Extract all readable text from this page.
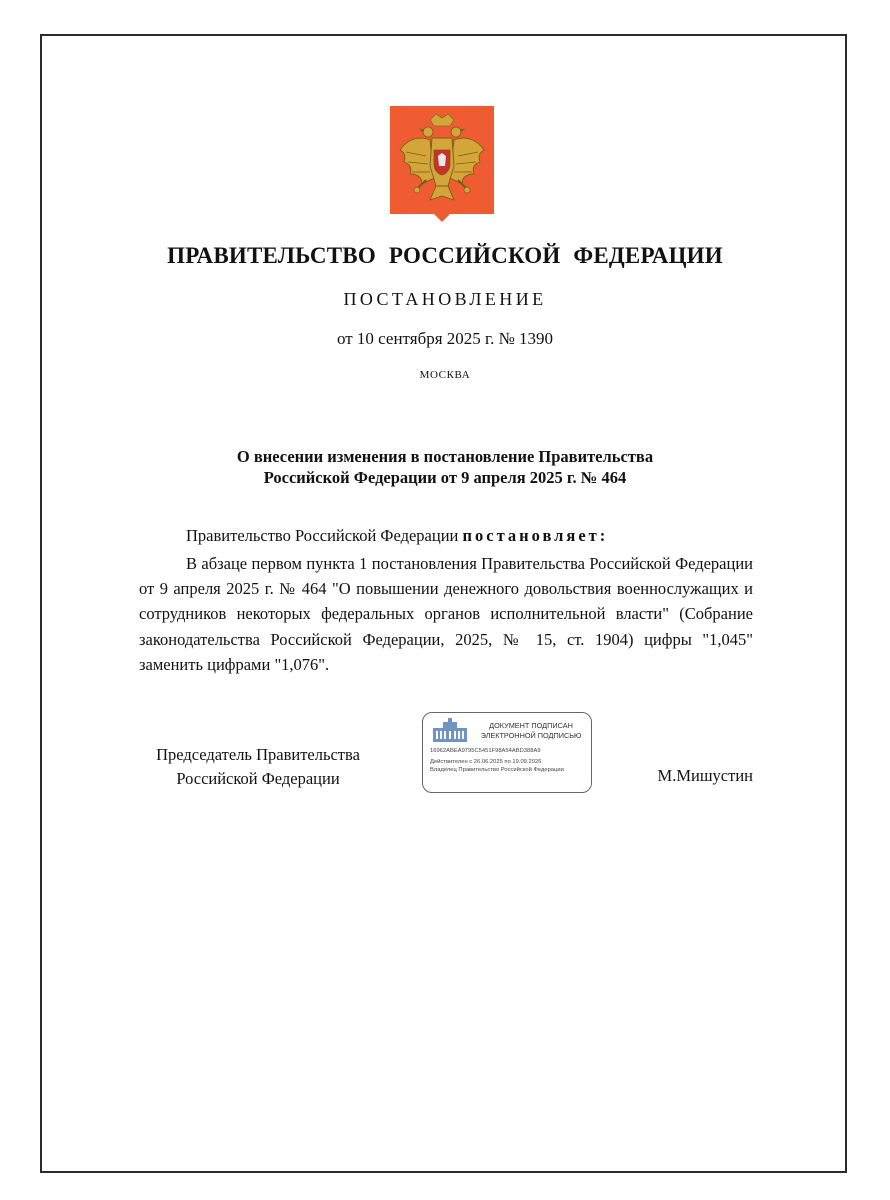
ПРАВИТЕЛЬСТВО РОССИЙСКОЙ ФЕДЕРАЦИИ
ПОСТАНОВЛЕНИЕ
от 10 сентября 2025 г. № 1390
МОСКВА
О внесении изменения в постановление Правительства
Российской Федерации от 9 апреля 2025 г. № 464
Правительство Российской Федерации постановляет:
В абзаце первом пункта 1 постановления Правительства Российской Федерации от 9 апреля 2025 г. № 464 "О повышении денежного довольствия военнослужащих и сотрудников некоторых федеральных органов исполнительной власти" (Собрание законодательства Российской Федерации, 2025, № 15, ст. 1904) цифры "1,045" заменить цифрами "1,076".
Председатель Правительства
Российской Федерации
ДОКУМЕНТ ПОДПИСАН ЭЛЕКТРОННОЙ ПОДПИСЬЮ
16962ABEA9795C5451F98A54ABD388A9
Действителен с 26.06.2025 по 19.09.2026
Владелец Правительство Российской Федерации	М.Мишустин
